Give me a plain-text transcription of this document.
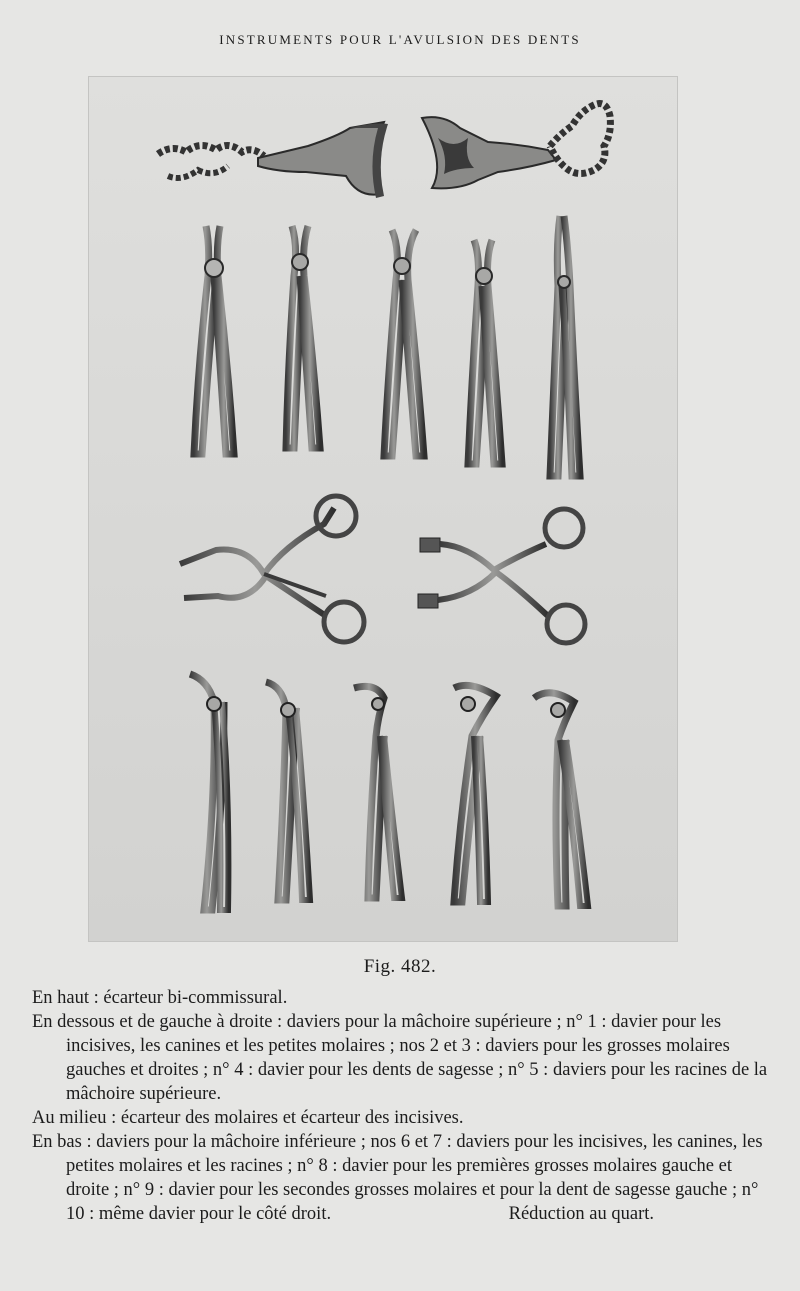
INSTRUMENTS POUR L'AVULSION DES DENTS
Fig. 482.

En haut : écarteur bi-commissural.

En dessous et de gauche à droite : daviers pour la mâchoire supérieure ; n° 1 : davier pour les incisives, les canines et les petites molaires ; nos 2 et 3 : daviers pour les grosses molaires gauches et droites ; n° 4 : davier pour les dents de sagesse ; n° 5 : daviers pour les racines de la mâchoire supérieure.

Au milieu : écarteur des molaires et écarteur des incisives.

En bas : daviers pour la mâchoire inférieure ; nos 6 et 7 : daviers pour les incisives, les canines, les petites molaires et les racines ; n° 8 : davier pour les premières grosses molaires gauche et droite ; n° 9 : davier pour les secondes grosses molaires et pour la dent de sagesse gauche ; n° 10 : même davier pour le côté droit.	Réduction au quart.
